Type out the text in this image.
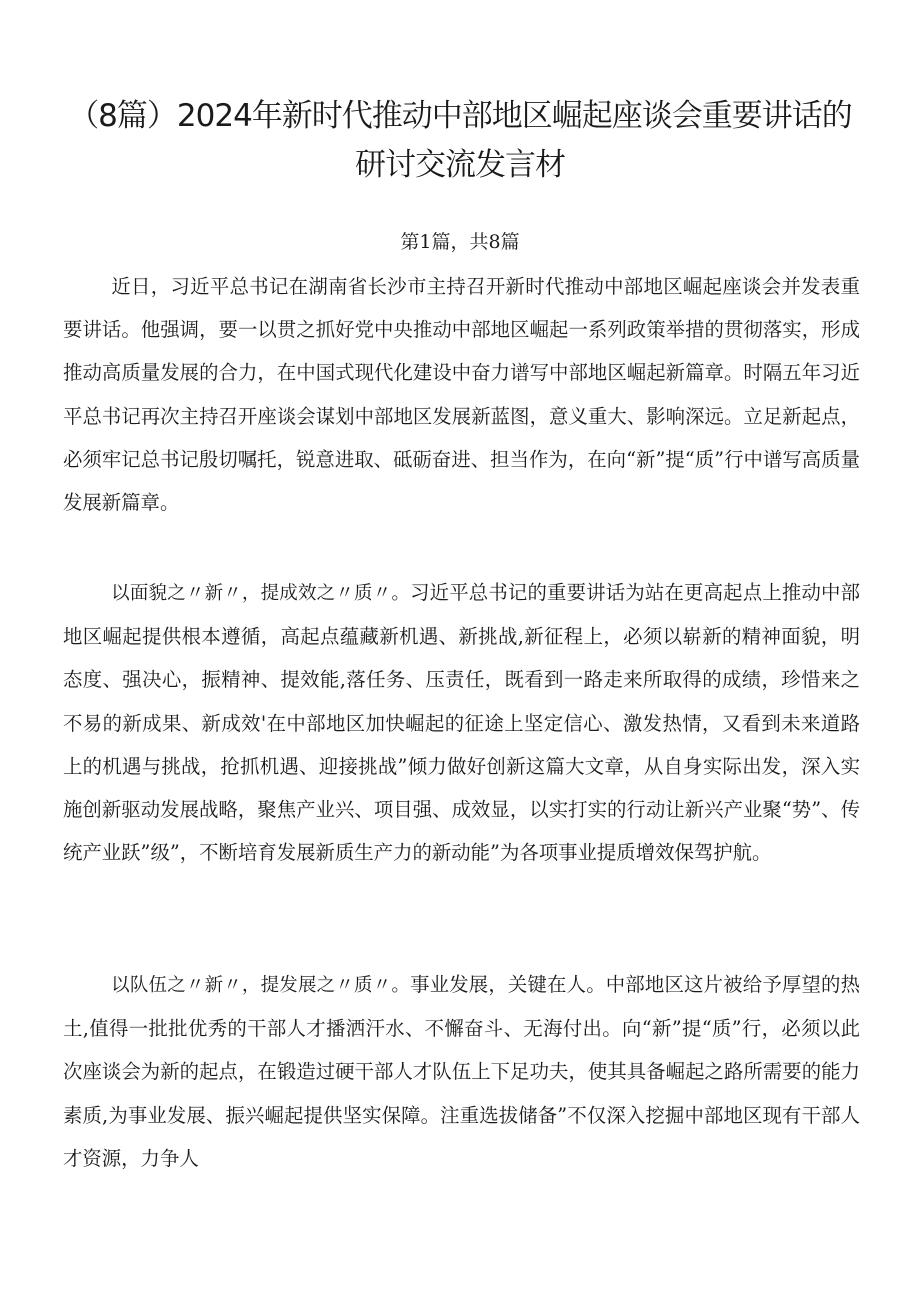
（8篇）2024年新时代推动中部地区崛起座谈会重要讲话的研讨交流发言材

第1篇，共8篇

近日，习近平总书记在湖南省长沙市主持召开新时代推动中部地区崛起座谈会并发表重要讲话。他强调，要一以贯之抓好党中央推动中部地区崛起一系列政策举措的贯彻落实，形成推动高质量发展的合力，在中国式现代化建设中奋力谱写中部地区崛起新篇章。时隔五年习近平总书记再次主持召开座谈会谋划中部地区发展新蓝图，意义重大、影响深远。立足新起点，必须牢记总书记殷切嘱托，锐意进取、砥砺奋进、担当作为，在向“新”提“质”行中谱写高质量发展新篇章。

以面貌之〃新〃，提成效之〃质〃。习近平总书记的重要讲话为站在更高起点上推动中部地区崛起提供根本遵循，高起点蕴藏新机遇、新挑战,新征程上，必须以崭新的精神面貌，明态度、强决心，振精神、提效能,落任务、压责任，既看到一路走来所取得的成绩，珍惜来之不易的新成果、新成效'在中部地区加快崛起的征途上坚定信心、激发热情，又看到未来道路上的机遇与挑战，抢抓机遇、迎接挑战”倾力做好创新这篇大文章，从自身实际出发，深入实施创新驱动发展战略，聚焦产业兴、项目强、成效显，以实打实的行动让新兴产业聚“势”、传统产业跃”级”，不断培育发展新质生产力的新动能”为各项事业提质增效保驾护航。

以队伍之〃新〃，提发展之〃质〃。事业发展，关键在人。中部地区这片被给予厚望的热土,值得一批批优秀的干部人才播洒汗水、不懈奋斗、无海付出。向“新”提“质”行，必须以此次座谈会为新的起点，在锻造过硬干部人才队伍上下足功夫，使其具备崛起之路所需要的能力素质,为事业发展、振兴崛起提供坚实保障。注重选拔储备”不仅深入挖掘中部地区现有干部人才资源，力争人
